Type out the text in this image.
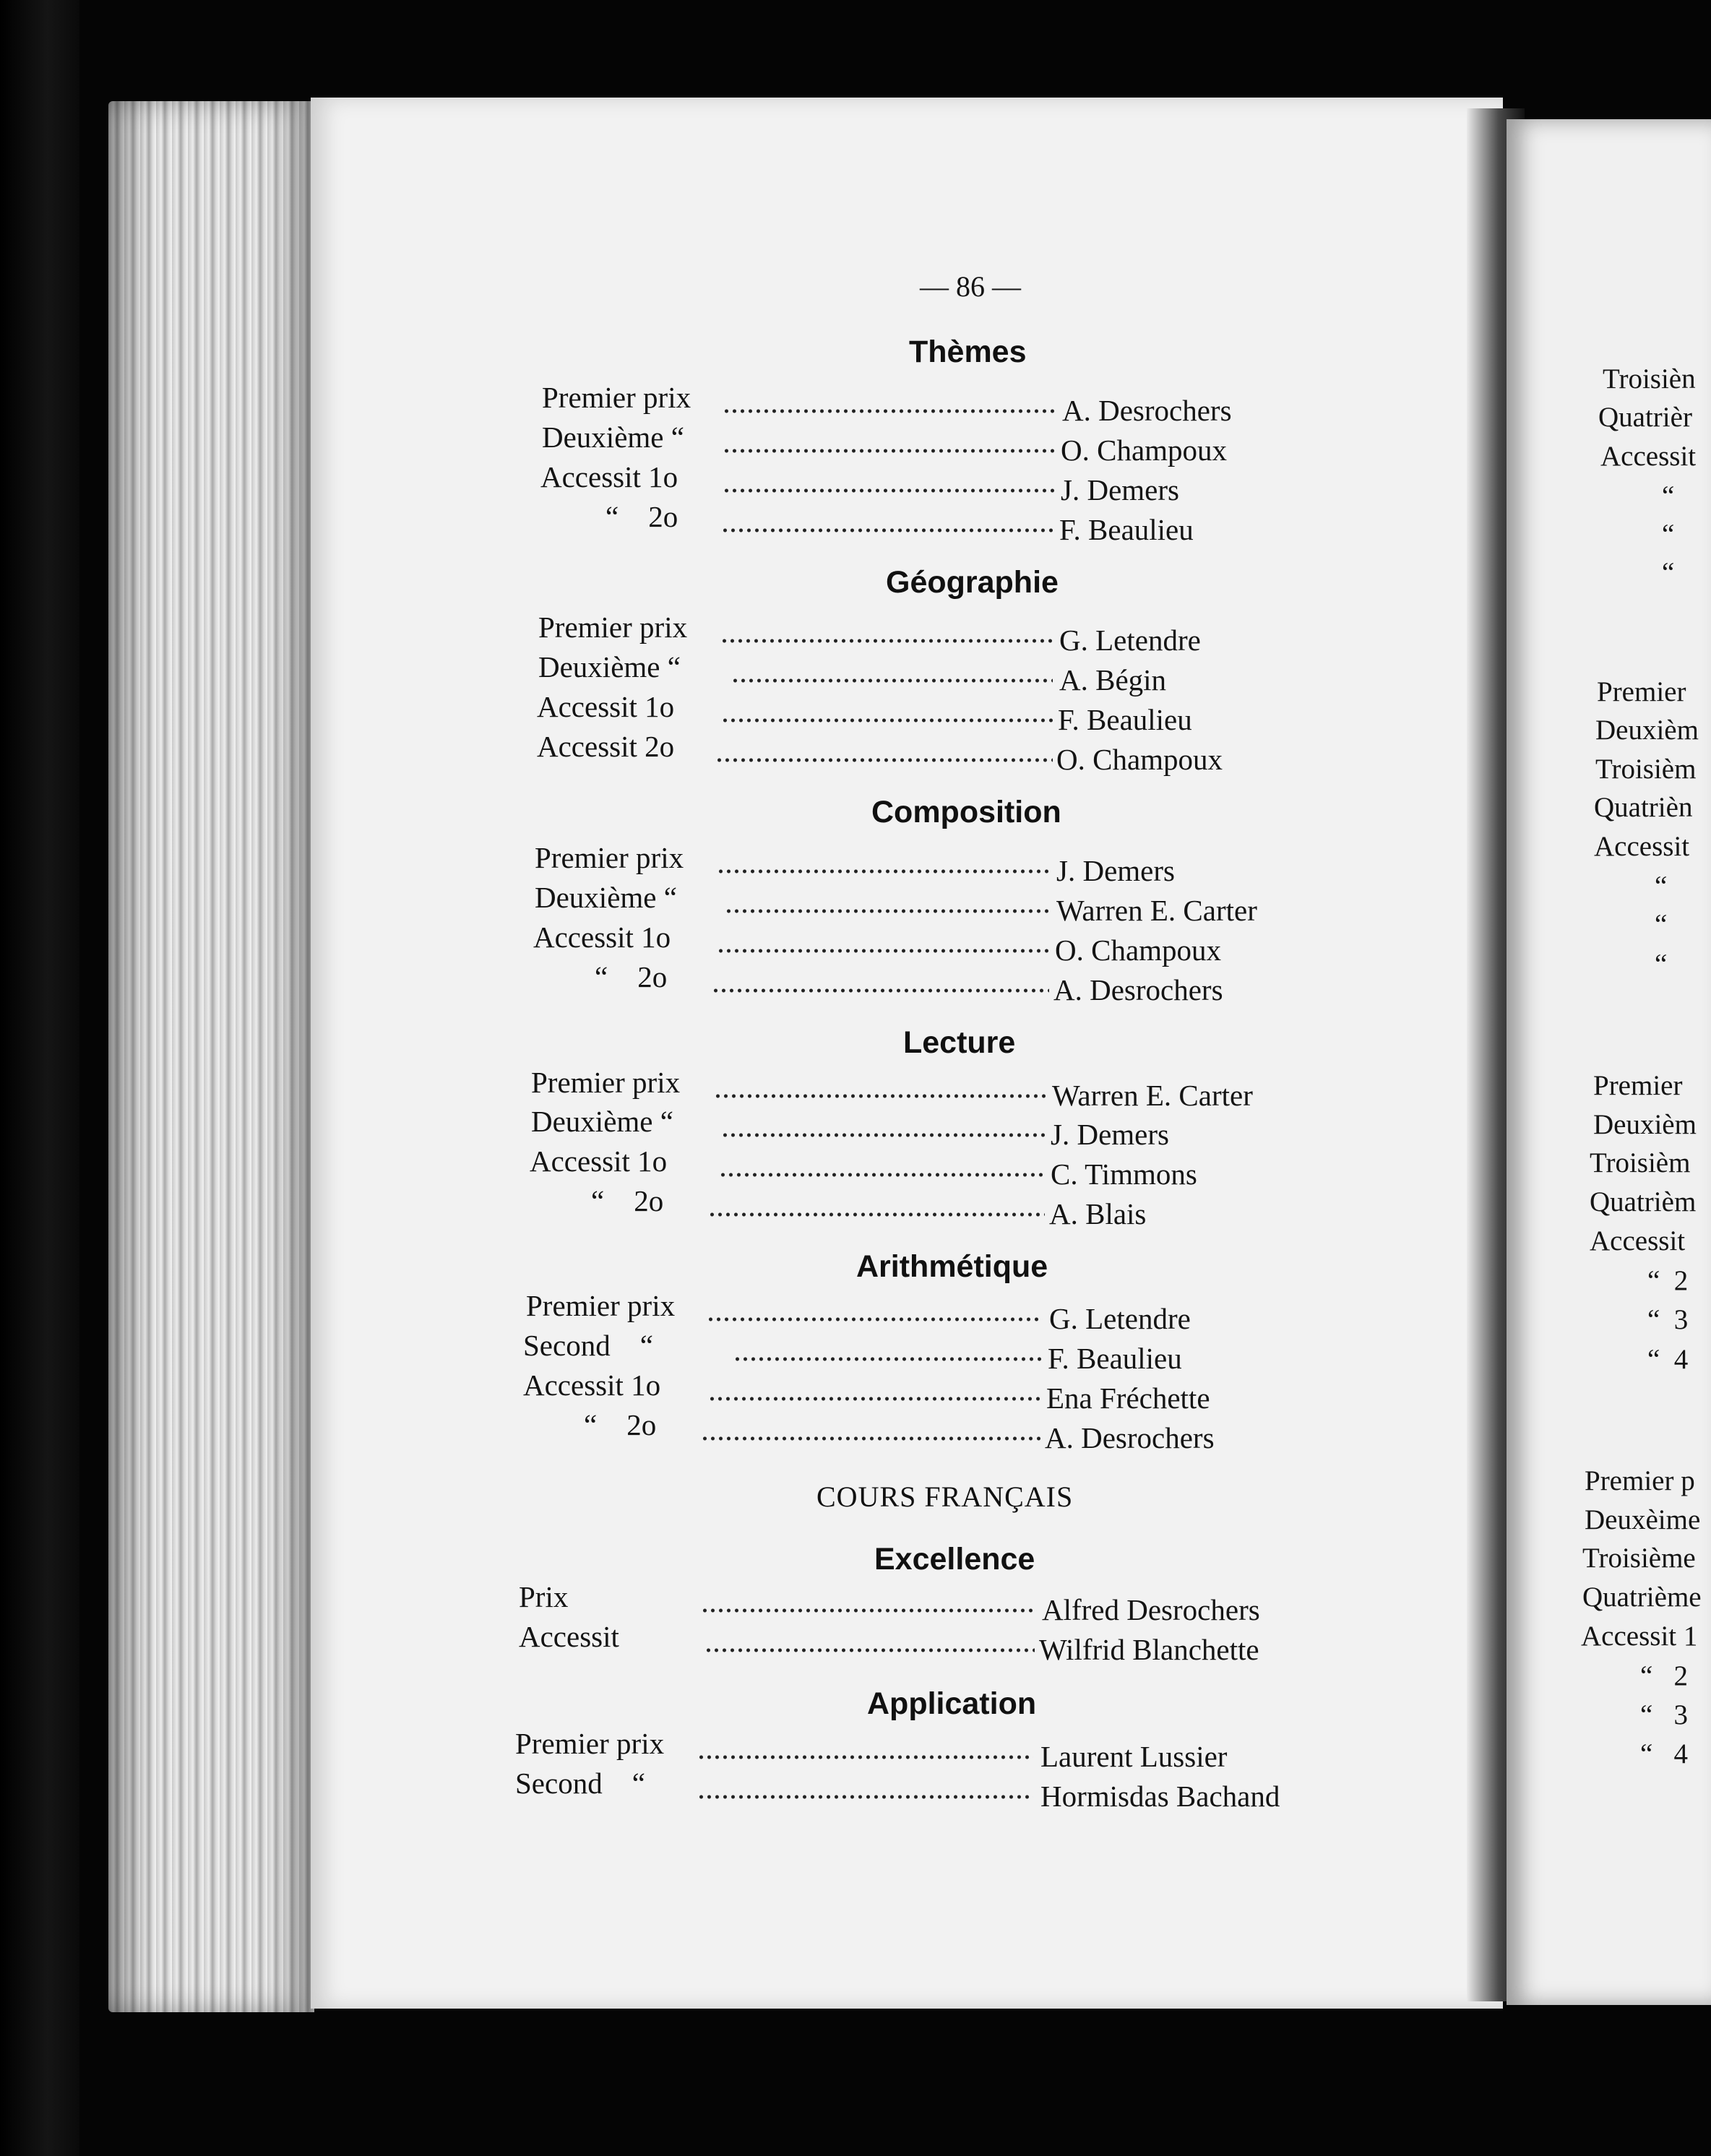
— 86 —
Thèmes
Premier prix	A. Desrochers
Deuxième “	O. Champoux
Accessit 1o	J. Demers
“    2o	F. Beaulieu
Géographie
Premier prix	G. Letendre
Deuxième “	A. Bégin
Accessit 1o	F. Beaulieu
Accessit 2o	O. Champoux
Composition
Premier prix	J. Demers
Deuxième “	Warren E. Carter
Accessit 1o	O. Champoux
“    2o	A. Desrochers
Lecture
Premier prix	Warren E. Carter
Deuxième “	J. Demers
Accessit 1o	C. Timmons
“    2o	A. Blais
Arithmétique
Premier prix	G. Letendre
Second    “	F. Beaulieu
Accessit 1o	Ena Fréchette
“    2o	A. Desrochers
COURS FRANÇAIS
Excellence
Prix	Alfred Desrochers
Accessit	Wilfrid Blanchette
Application
Premier prix	Laurent Lussier
Second    “	Hormisdas Bachand
Troisièn
Quatrièr
Accessit
“
“
“
Premier
Deuxièm
Troisièm
Quatrièn
Accessit
“
“
“
Premier
Deuxièm
Troisièm
Quatrièm
Accessit
“  2
“  3
“  4
Premier p
Deuxèime
Troisième
Quatrième
Accessit 1
“   2
“   3
“   4
